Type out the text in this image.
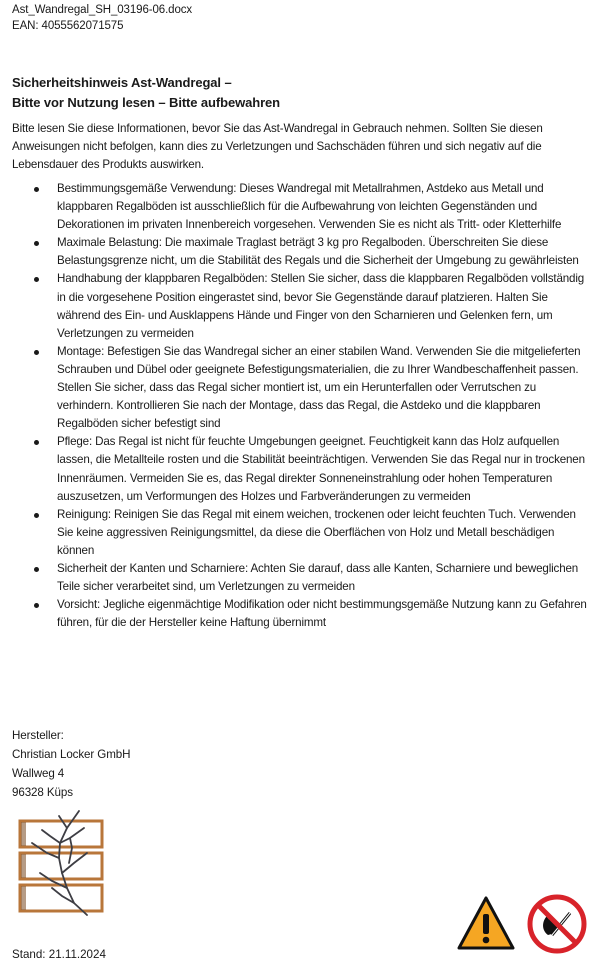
Ast_Wandregal_SH_03196-06.docx
EAN: 4055562071575
Sicherheitshinweis Ast-Wandregal –
Bitte vor Nutzung lesen – Bitte aufbewahren
Bitte lesen Sie diese Informationen, bevor Sie das Ast-Wandregal in Gebrauch nehmen. Sollten Sie diesen Anweisungen nicht befolgen, kann dies zu Verletzungen und Sachschäden führen und sich negativ auf die Lebensdauer des Produkts auswirken.
Bestimmungsgemäße Verwendung: Dieses Wandregal mit Metallrahmen, Astdeko aus Metall und klappbaren Regalböden ist ausschließlich für die Aufbewahrung von leichten Gegenständen und Dekorationen im privaten Innenbereich vorgesehen. Verwenden Sie es nicht als Tritt- oder Kletterhilfe
Maximale Belastung: Die maximale Traglast beträgt 3 kg pro Regalboden. Überschreiten Sie diese Belastungsgrenze nicht, um die Stabilität des Regals und die Sicherheit der Umgebung zu gewährleisten
Handhabung der klappbaren Regalböden: Stellen Sie sicher, dass die klappbaren Regalböden vollständig in die vorgesehene Position eingerastet sind, bevor Sie Gegenstände darauf platzieren. Halten Sie während des Ein- und Ausklappens Hände und Finger von den Scharnieren und Gelenken fern, um Verletzungen zu vermeiden
Montage: Befestigen Sie das Wandregal sicher an einer stabilen Wand. Verwenden Sie die mitgelieferten Schrauben und Dübel oder geeignete Befestigungsmaterialien, die zu Ihrer Wandbeschaffenheit passen. Stellen Sie sicher, dass das Regal sicher montiert ist, um ein Herunterfallen oder Verrutschen zu verhindern. Kontrollieren Sie nach der Montage, dass das Regal, die Astdeko und die klappbaren Regalböden sicher befestigt sind
Pflege: Das Regal ist nicht für feuchte Umgebungen geeignet. Feuchtigkeit kann das Holz aufquellen lassen, die Metallteile rosten und die Stabilität beeinträchtigen. Verwenden Sie das Regal nur in trockenen Innenräumen. Vermeiden Sie es, das Regal direkter Sonneneinstrahlung oder hohen Temperaturen auszusetzen, um Verformungen des Holzes und Farbveränderungen zu vermeiden
Reinigung: Reinigen Sie das Regal mit einem weichen, trockenen oder leicht feuchten Tuch. Verwenden Sie keine aggressiven Reinigungsmittel, da diese die Oberflächen von Holz und Metall beschädigen können
Sicherheit der Kanten und Scharniere: Achten Sie darauf, dass alle Kanten, Scharniere und beweglichen Teile sicher verarbeitet sind, um Verletzungen zu vermeiden
Vorsicht: Jegliche eigenmächtige Modifikation oder nicht bestimmungsgemäße Nutzung kann zu Gefahren führen, für die der Hersteller keine Haftung übernimmt
Hersteller:
Christian Locker GmbH
Wallweg 4
96328 Küps
Stand: 21.11.2024
